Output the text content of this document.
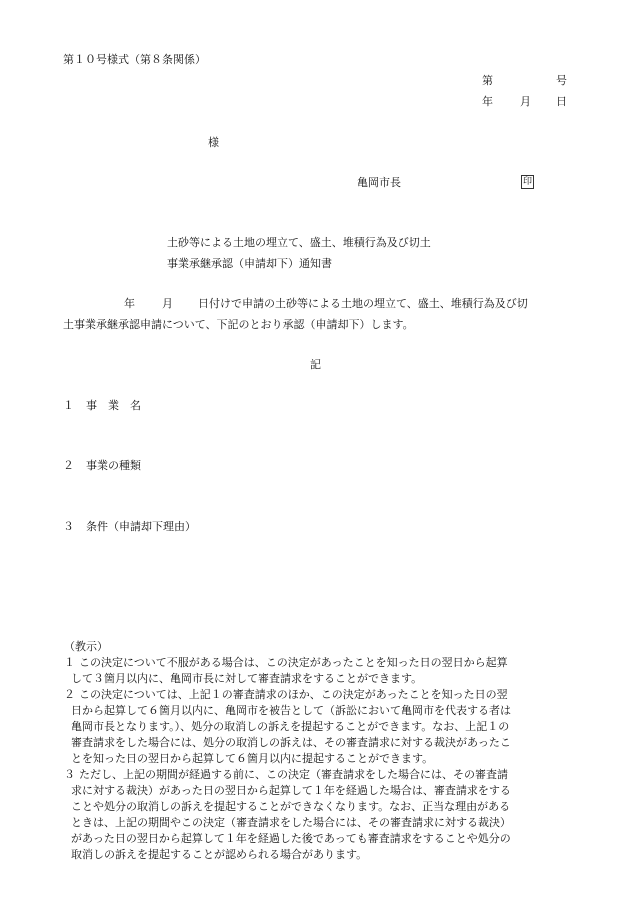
第１０号様式（第８条関係）
第	号
年 月 日
様
亀岡市長	印
土砂等による土地の埋立て、盛土、堆積行為及び切土
事業承継承認（申請却下）通知書
年 月 日付けで申請の土砂等による土地の埋立て、盛土、堆積行為及び切
土事業承継承認申請について、下記のとおり承認（申請却下）します。
記
１ 事　業　名
２ 事業の種類
３ 条件（申請却下理由）
（教示）
１ この決定について不服がある場合は、この決定があったことを知った日の翌日から起算
して３箇月以内に、亀岡市長に対して審査請求をすることができます。
２ この決定については、上記１の審査請求のほか、この決定があったことを知った日の翌
日から起算して６箇月以内に、亀岡市を被告として（訴訟において亀岡市を代表する者は
亀岡市長となります。）、処分の取消しの訴えを提起することができます。なお、上記１の
審査請求をした場合には、処分の取消しの訴えは、その審査請求に対する裁決があったこ
とを知った日の翌日から起算して６箇月以内に提起することができます。
３ ただし、上記の期間が経過する前に、この決定（審査請求をした場合には、その審査請
求に対する裁決）があった日の翌日から起算して１年を経過した場合は、審査請求をする
ことや処分の取消しの訴えを提起することができなくなります。なお、正当な理由がある
ときは、上記の期間やこの決定（審査請求をした場合には、その審査請求に対する裁決）
があった日の翌日から起算して１年を経過した後であっても審査請求をすることや処分の
取消しの訴えを提起することが認められる場合があります。
